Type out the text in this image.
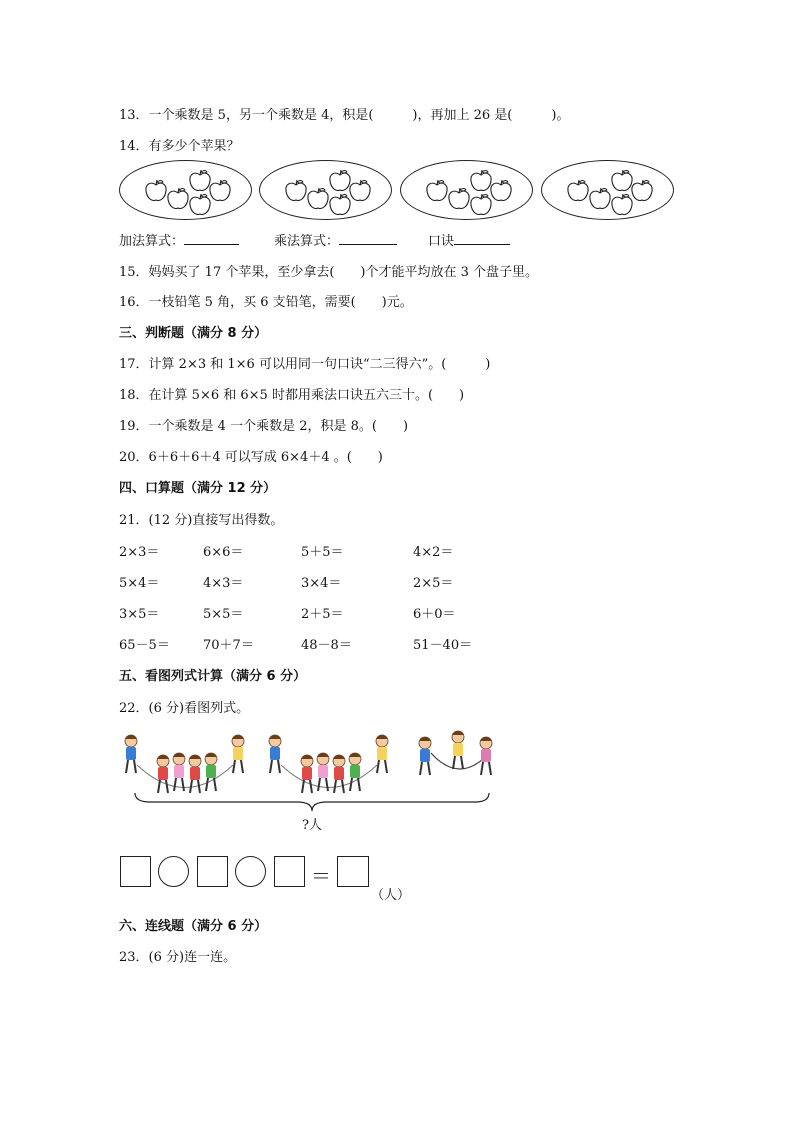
13．一个乘数是 5，另一个乘数是 4，积是(　　　)，再加上 26 是(　　　)。
14．有多少个苹果？
加法算式：	乘法算式：	口诀
15．妈妈买了 17 个苹果，至少拿去(　　)个才能平均放在 3 个盘子里。
16．一枝铅笔 5 角，买 6 支铅笔，需要(　　)元。
三、判断题（满分 8 分）
17．计算 2×3 和 1×6 可以用同一句口诀“二三得六”。(　　　)
18．在计算 5×6 和 6×5 时都用乘法口诀五六三十。(　　)
19．一个乘数是 4 一个乘数是 2，积是 8。(　　)
20．6＋6＋6＋4 可以写成 6×4＋4 。(　　)
四、口算题（满分 12 分）
21．(12 分)直接写出得数。
2×3＝	6×6＝	5＋5＝	4×2＝
5×4＝	4×3＝	3×4＝	2×5＝
3×5＝	5×5＝	2＋5＝	6＋0＝
65－5＝	70＋7＝	48－8＝	51－40＝
五、看图列式计算（满分 6 分）
22．(6 分)看图列式。
?人
＝
（人）
六、连线题（满分 6 分）
23．(6 分)连一连。
